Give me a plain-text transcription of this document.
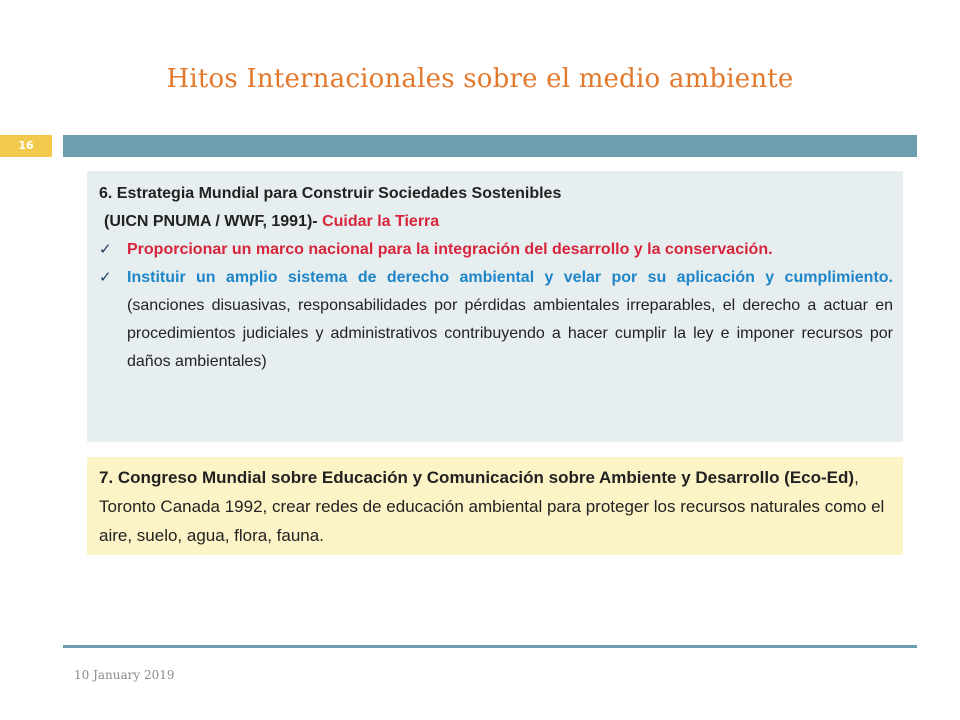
Hitos Internacionales sobre el medio ambiente
16
6. Estrategia Mundial para Construir Sociedades Sostenibles
(UICN PNUMA / WWF, 1991)- Cuidar la Tierra
✓ Proporcionar un marco nacional para la integración del desarrollo y la conservación.
✓ Instituir un amplio sistema de derecho ambiental y velar por su aplicación y cumplimiento. (sanciones disuasivas, responsabilidades por pérdidas ambientales irreparables, el derecho a actuar en procedimientos judiciales y administrativos contribuyendo a hacer cumplir la ley e imponer recursos por daños ambientales)
7. Congreso Mundial sobre Educación y Comunicación sobre Ambiente y Desarrollo (Eco-Ed), Toronto Canada 1992, crear redes de educación ambiental para proteger los recursos naturales como el aire, suelo, agua, flora, fauna.
10 January 2019
